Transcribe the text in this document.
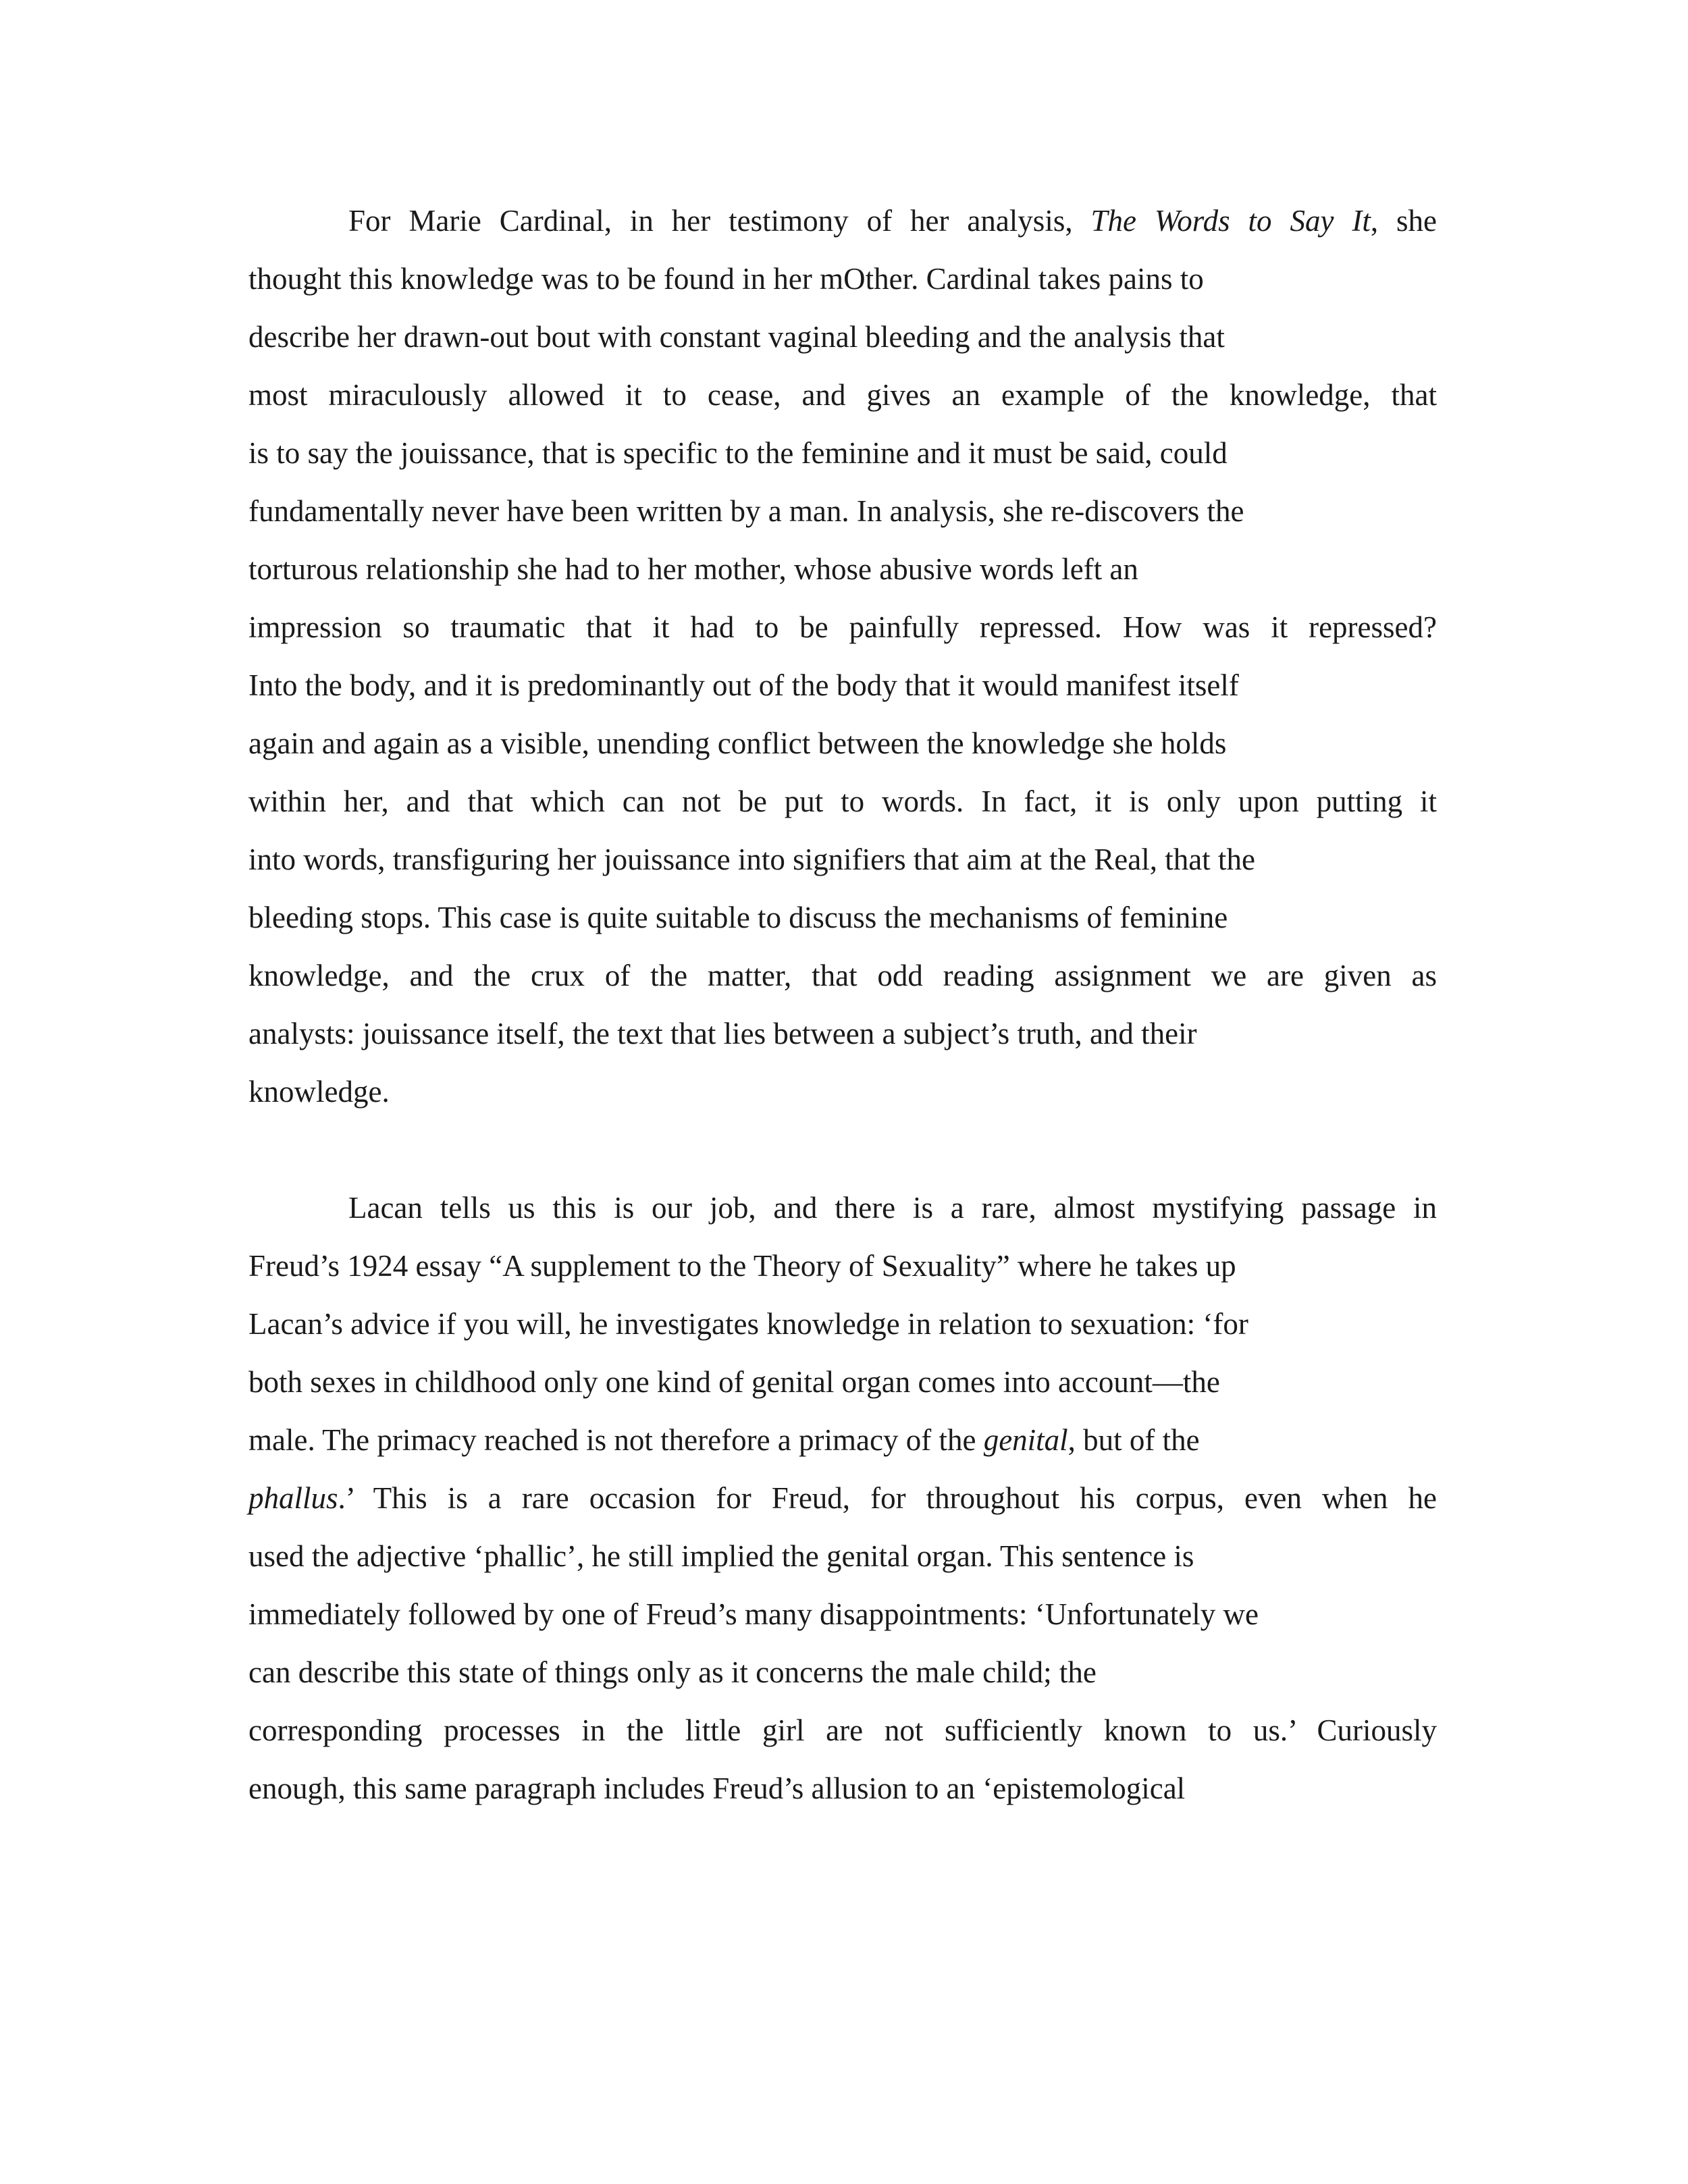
For Marie Cardinal, in her testimony of her analysis, The Words to Say It, she
thought this knowledge was to be found in her mOther. Cardinal takes pains to
describe her drawn-out bout with constant vaginal bleeding and the analysis that
most miraculously allowed it to cease, and gives an example of the knowledge, that
is to say the jouissance, that is specific to the feminine and it must be said, could
fundamentally never have been written by a man. In analysis, she re-discovers the
torturous relationship she had to her mother, whose abusive words left an
impression so traumatic that it had to be painfully repressed. How was it repressed?
Into the body, and it is predominantly out of the body that it would manifest itself
again and again as a visible, unending conflict between the knowledge she holds
within her, and that which can not be put to words. In fact, it is only upon putting it
into words, transfiguring her jouissance into signifiers that aim at the Real, that the
bleeding stops. This case is quite suitable to discuss the mechanisms of feminine
knowledge, and the crux of the matter, that odd reading assignment we are given as
analysts: jouissance itself, the text that lies between a subject’s truth, and their
knowledge.
Lacan tells us this is our job, and there is a rare, almost mystifying passage in
Freud’s 1924 essay “A supplement to the Theory of Sexuality” where he takes up
Lacan’s advice if you will, he investigates knowledge in relation to sexuation: ‘for
both sexes in childhood only one kind of genital organ comes into account—the
male. The primacy reached is not therefore a primacy of the genital, but of the
phallus.’ This is a rare occasion for Freud, for throughout his corpus, even when he
used the adjective ‘phallic’, he still implied the genital organ. This sentence is
immediately followed by one of Freud’s many disappointments: ‘Unfortunately we
can describe this state of things only as it concerns the male child; the
corresponding processes in the little girl are not sufficiently known to us.’ Curiously
enough, this same paragraph includes Freud’s allusion to an ‘epistemological
